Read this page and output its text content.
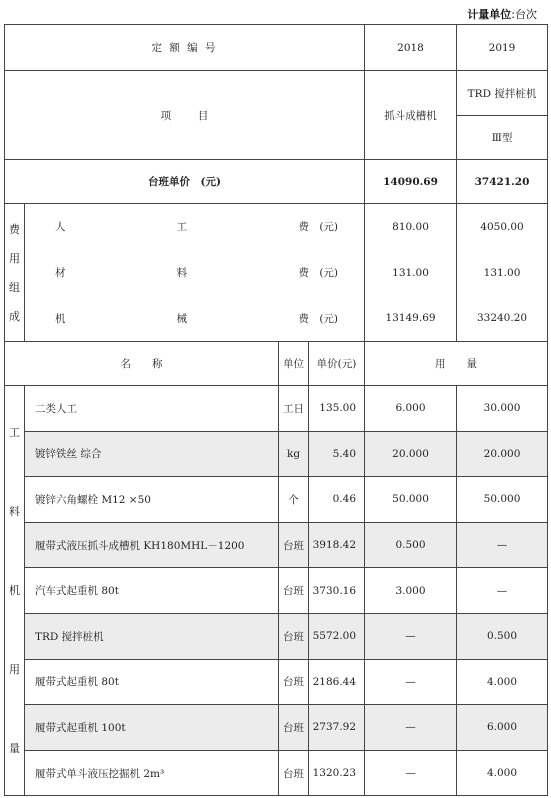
计量单位:台次
定 额 编 号				2018	2019
项        目				抓斗成槽机	TRD 搅拌桩机
					Ⅲ型
台班单价　(元)				14090.69	37421.20

费
用
组
成	人 工 费　 (元)			810.00	4050.00

	材 料 费　 (元)			131.00	131.00

	机 械 费　 (元)			13149.69	33240.20
名　　称		单位	单价(元)	用　　量	

工
料
机
用
量	二类人工	工日	135.00	6.000	30.000
	镀锌铁丝 综合	kg	5.40	20.000	20.000
	镀锌六角螺栓 M12 ×50	个	0.46	50.000	50.000
	履带式液压抓斗成槽机 KH180MHL－1200	台班	3918.42	0.500	—
	汽车式起重机 80t	台班	3730.16	3.000	—
	TRD 搅拌桩机	台班	5572.00	—	0.500
	履带式起重机 80t	台班	2186.44	—	4.000
	履带式起重机 100t	台班	2737.92	—	6.000
	履带式单斗液压挖掘机 2m³	台班	1320.23	—	4.000
